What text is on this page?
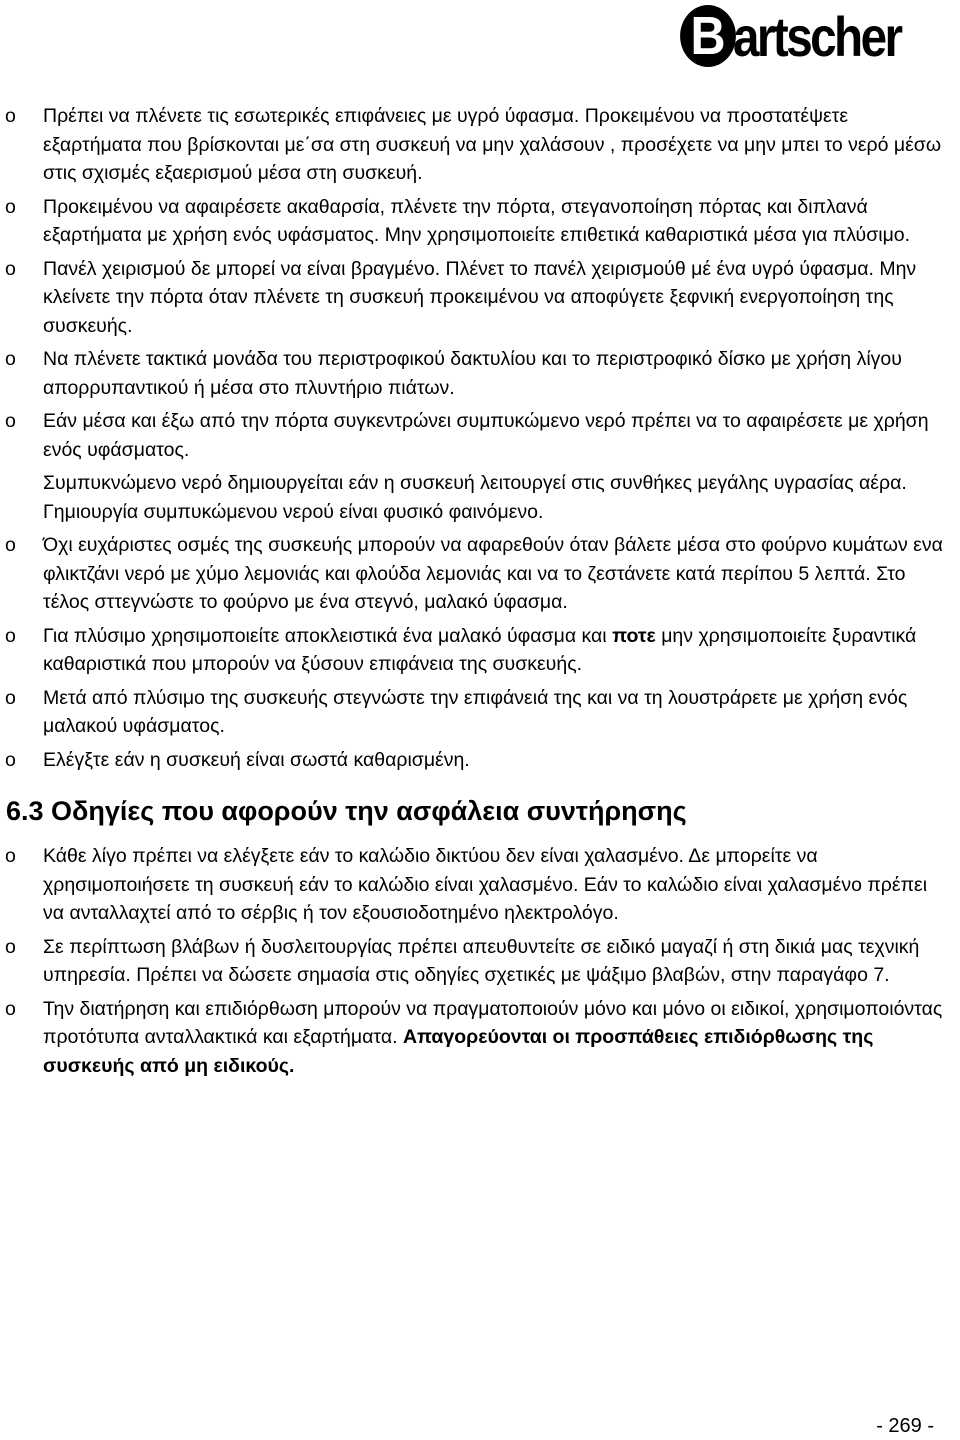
B artscher
o	Πρέπει να πλένετε τις εσωτερικές επιφάνειες με υγρό ύφασμα. Προκειμένου να προστατέψετε εξαρτήματα που βρίσκονται με΄σα στη συσκευή να μην χαλάσουν , προσέχετε να μην μπει το νερό μέσω στις σχισμές εξαερισμού μέσα στη συσκευή.
o	Προκειμένου να αφαιρέσετε ακαθαρσία, πλένετε την πόρτα, στεγανοποίηση πόρτας και διπλανά εξαρτήματα με χρήση ενός υφάσματος. Μην χρησιμοποιείτε επιθετικά καθαριστικά μέσα για πλύσιμο.
o	Πανέλ χειρισμού δε μπορεί να είναι βραγμένο. Πλένετ το πανέλ χειρισμούθ μέ ένα υγρό ύφασμα. Μην κλείνετε την πόρτα όταν πλένετε τη συσκευή προκειμένου να αποφύγετε ξεφνική ενεργοποίηση της συσκευής.
o	Να πλένετε τακτικά μονάδα του περιστροφικού δακτυλίου και το περιστροφικό δίσκο με χρήση λίγου απορρυπαντικού ή μέσα στο πλυντήριο πιάτων.
o	Εάν μέσα και έξω από την πόρτα συγκεντρώνει συμπυκώμενο νερό πρέπει να το αφαιρέσετε με χρήση ενός υφάσματος.

Συμπυκνώμενο νερό δημιουργείται εάν η συσκευή λειτουργεί στις συνθήκες μεγάλης υγρασίας αέρα. Γημιουργία συμπυκώμενου νερού είναι φυσικό φαινόμενο.

o	Όχι ευχάριστες οσμές της συσκευής μπορούν να αφαρεθούν όταν βάλετε μέσα στο φούρνο κυμάτων ενα φλικτζάνι νερό με χύμο λεμονιάς και φλούδα λεμονιάς και να το ζεστάνετε κατά περίπου 5 λεπτά. Στο τέλος σττεγνώστε το φούρνο με ένα στεγνό, μαλακό ύφασμα.
o	Για πλύσιμο χρησιμοποιείτε αποκλειστικά ένα μαλακό ύφασμα και ποτε μην χρησιμοποιείτε ξυραντικά καθαριστικά που μπορούν να ξύσουν επιφάνεια της συσκευής.
o	Μετά από πλύσιμο της συσκευής στεγνώστε την επιφάνειά της και να τη λουστράρετε με χρήση ενός μαλακού υφάσματος.
o	Ελέγξτε εάν η συσκευή είναι σωστά καθαρισμένη.
6.3 Οδηγίες που αφορούν την ασφάλεια συντήρησης
o	Κάθε λίγο πρέπει να ελέγξετε εάν το καλώδιο δικτύου δεν είναι χαλασμένο. Δε μπορείτε να χρησιμοποιήσετε τη συσκευή εάν το καλώδιο είναι χαλασμένο. Εάν το καλώδιο είναι χαλασμένο πρέπει να ανταλλαχτεί από το σέρβις ή τον εξουσιοδοτημένο ηλεκτρολόγο.
o	Σε περίπτωση βλάβων ή δυσλειτουργίας πρέπει απευθυντείτε σε ειδικό μαγαζί ή στη δικιά μας τεχνική υπηρεσία. Πρέπει να δώσετε σημασία στις οδηγίες σχετικές με ψάξιμο βλαβών, στην παραγάφο 7.
o	Την διατήρηση και επιδιόρθωση μπορούν να πραγματοποιούν μόνο και μόνο οι ειδικοί, χρησιμοποιόντας προτότυπα ανταλλακτικά και εξαρτήματα. Απαγορεύονται οι προσπάθειες επιδιόρθωσης της συσκευής από μη ειδικούς.
- 269 -
